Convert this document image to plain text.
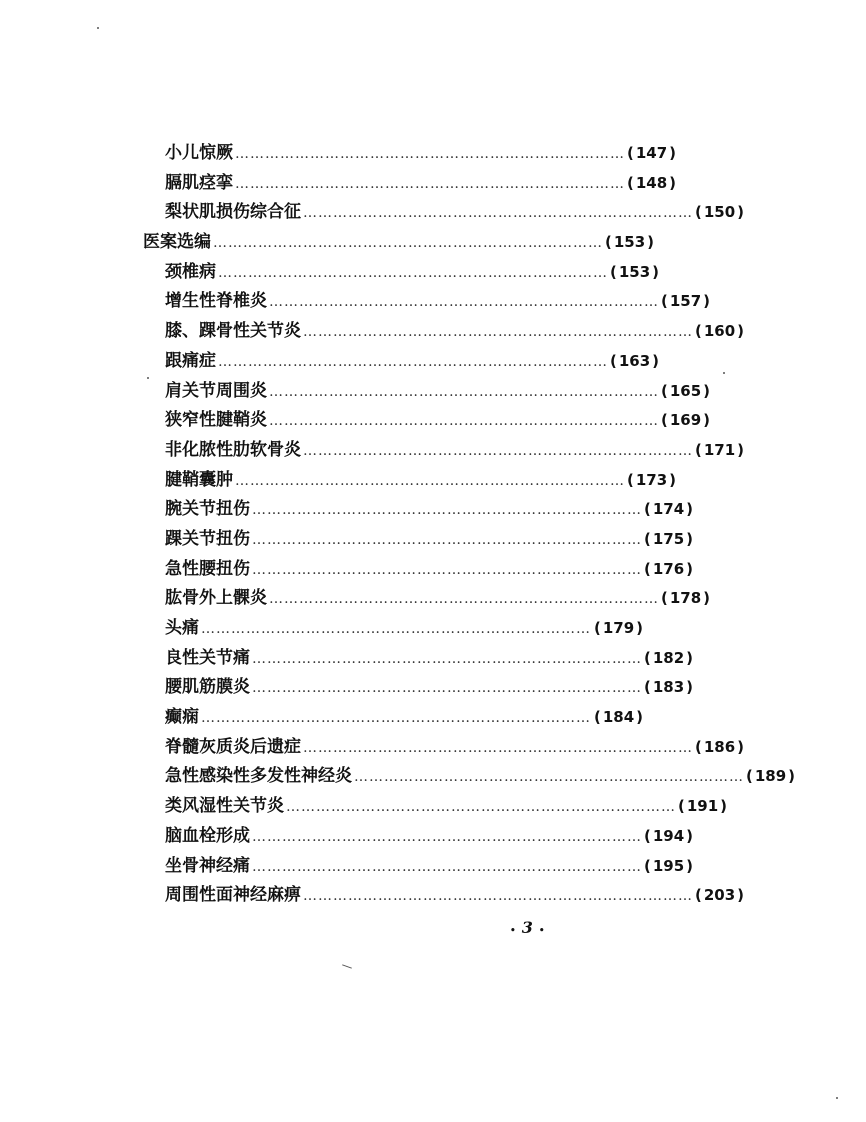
小儿惊厥 …………………………………………………………………… ( 147 )
膈肌痉挛 …………………………………………………………………… ( 148 )
梨状肌损伤综合征 …………………………………………………………………… ( 150 )
医案选编 …………………………………………………………………… ( 153 )
颈椎病 …………………………………………………………………… ( 153 )
增生性脊椎炎 …………………………………………………………………… ( 157 )
膝、踝骨性关节炎 …………………………………………………………………… ( 160 )
跟痛症 …………………………………………………………………… ( 163 )
肩关节周围炎 …………………………………………………………………… ( 165 )
狭窄性腱鞘炎 …………………………………………………………………… ( 169 )
非化脓性肋软骨炎 …………………………………………………………………… ( 171 )
腱鞘囊肿 …………………………………………………………………… ( 173 )
腕关节扭伤 …………………………………………………………………… ( 174 )
踝关节扭伤 …………………………………………………………………… ( 175 )
急性腰扭伤 …………………………………………………………………… ( 176 )
肱骨外上髁炎 …………………………………………………………………… ( 178 )
头痛 …………………………………………………………………… ( 179 )
良性关节痛 …………………………………………………………………… ( 182 )
腰肌筋膜炎 …………………………………………………………………… ( 183 )
癫痫 …………………………………………………………………… ( 184 )
脊髓灰质炎后遗症 …………………………………………………………………… ( 186 )
急性感染性多发性神经炎 …………………………………………………………………… ( 189 )
类风湿性关节炎 …………………………………………………………………… ( 191 )
脑血栓形成 …………………………………………………………………… ( 194 )
坐骨神经痛 …………………………………………………………………… ( 195 )
周围性面神经麻痹 …………………………………………………………………… ( 203 )
• 3 •
